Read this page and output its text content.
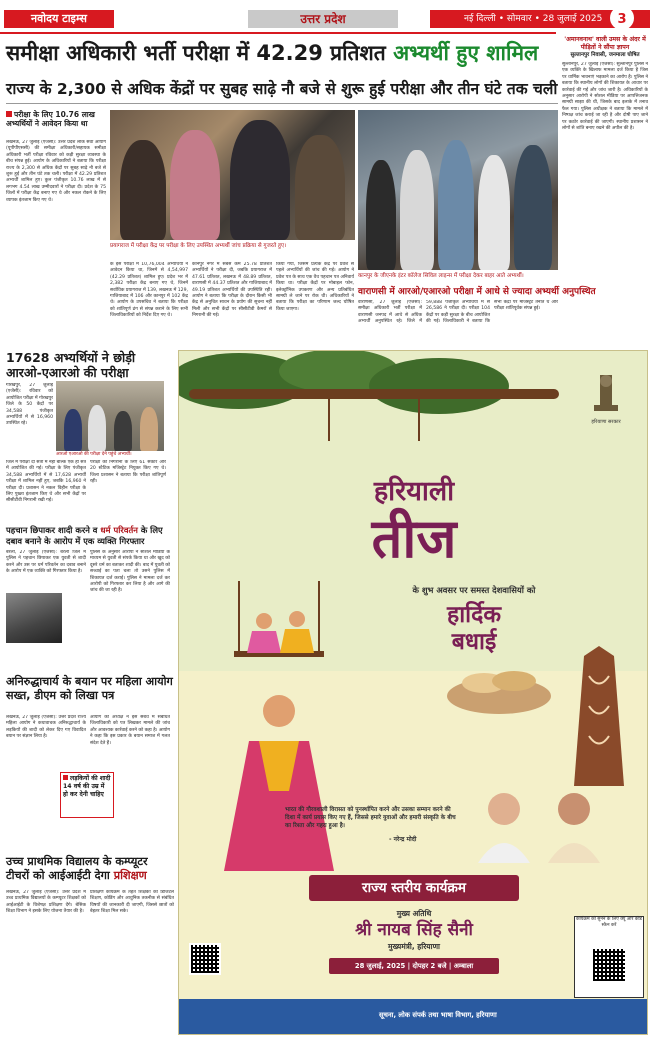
नवोदय टाइम्स	उत्तर प्रदेश	नई दिल्ली • सोमवार • 28 जुलाई 2025	3
समीक्षा अधिकारी भर्ती परीक्षा में 42.29 प्रतिशत अभ्यर्थी हुए शामिल
राज्य के 2,300 से अधिक केंद्रों पर सुबह साढ़े नौ बजे से शुरू हुई परीक्षा और तीन घंटे तक चली
परीक्षा के लिए 10.76 लाख अभ्यर्थियों ने आवेदन किया था
लखनऊ, 27 जुलाई (एजेंसी): उत्तर प्रदेश लोक सेवा आयोग (यूपीपीएससी) की समीक्षा अधिकारी/सहायक समीक्षा अधिकारी भर्ती परीक्षा रविवार को कड़ी सुरक्षा व्यवस्था के बीच संपन्न हुई। आयोग के अधिकारियों ने बताया कि परीक्षा राज्य के 2,300 से अधिक केंद्रों पर सुबह साढ़े नौ बजे से शुरू हुई और तीन घंटे तक चली। परीक्षा में 42.29 प्रतिशत अभ्यर्थी शामिल हुए। कुल पंजीकृत 10.76 लाख में से लगभग 4.54 लाख उम्मीदवारों ने परीक्षा दी। प्रदेश के 75 जिलों में परीक्षा केंद्र बनाए गए थे और नकल रोकने के लिए व्यापक इंतजाम किए गए थे।
प्रयागराज में परीक्षा केंद्र पर परीक्षा के लिए उपस्थित अभ्यर्थी जांच प्रक्रिया से गुजरते हुए।
कानपुर के जीएनके इंटर कॉलेज सिविल लाइन्स में परीक्षा देकर बाहर आते अभ्यर्थी।
के इस परीक्षा में 10,76,004 अभ्यर्थियों ने आवेदन किया था, जिनमें से 4,54,997 (42.29 प्रतिशत) शामिल हुए। प्रदेश भर में 2,382 परीक्षा केंद्र बनाए गए थे, जिनमें सर्वाधिक प्रयागराज में 139, लखनऊ में 129, गाजियाबाद में 106 और कानपुर में 102 केंद्र थे। आयोग के उपसचिव ने बताया कि परीक्षा को शांतिपूर्ण ढंग से संपन्न कराने के लिए सभी जिलाधिकारियों को निर्देश दिए गए थे।
कानपुर नगर में सबसे कम 25.78 प्रतिशत अभ्यर्थियों ने परीक्षा दी, जबकि प्रयागराज में 47.61 प्रतिशत, लखनऊ में 48.89 प्रतिशत, वाराणसी में 44.37 प्रतिशत और गाजियाबाद में 49.19 प्रतिशत अभ्यर्थियों की उपस्थिति रही। आयोग ने बताया कि परीक्षा के दौरान किसी भी केंद्र से अनुचित साधन के प्रयोग की सूचना नहीं मिली और सभी केंद्रों पर सीसीटीवी कैमरों से निगरानी की गई।
किया गया, जिसमें प्रत्येक केंद्र पर प्रवेश से पहले अभ्यर्थियों की जांच की गई। आयोग ने प्रवेश पत्र के साथ एक वैध पहचान पत्र अनिवार्य किया था। परीक्षा केंद्रों पर मोबाइल फोन, इलेक्ट्रॉनिक उपकरण और अन्य प्रतिबंधित सामग्री ले जाने पर रोक थी। अधिकारियों ने बताया कि परीक्षा का परिणाम जल्द घोषित किया जाएगा।
वाराणसी में आरओ/एआरओ परीक्षा में आधे से ज्यादा अभ्यर्थी अनुपस्थित
वाराणसी, 27 जुलाई (एजेंसी): समीक्षा अधिकारी भर्ती परीक्षा में वाराणसी जनपद में आधे से अधिक अभ्यर्थी अनुपस्थित रहे। जिले में 59,888 पंजीकृत अभ्यर्थियों में से 26,586 ने परीक्षा दी। परीक्षा 104 केंद्रों पर कड़ी सुरक्षा के बीच आयोजित की गई। जिलाधिकारी ने बताया कि सभी केंद्रों पर मजिस्ट्रेट तैनात थे और परीक्षा शांतिपूर्वक संपन्न हुई।
'अमानवनाथ' वाली उमस के अंदर में पीड़ितों ने सौंपा ज्ञापन
सुल्तानपुर निवासी, जनमाला घोषित
सुल्तानपुर, 27 जुलाई (एजेंसी): सुल्तानपुर पुलिस ने एक व्यक्ति के खिलाफ मामला दर्ज किया है जिस पर धार्मिक भावनाएं भड़काने का आरोप है। पुलिस ने बताया कि स्थानीय लोगों की शिकायत के आधार पर कार्रवाई की गई और जांच जारी है। अधिकारियों के अनुसार आरोपी ने सोशल मीडिया पर आपत्तिजनक सामग्री साझा की थी, जिसके बाद इलाके में तनाव फैल गया। पुलिस अधीक्षक ने बताया कि मामले में निष्पक्ष जांच कराई जा रही है और दोषी पाए जाने पर कठोर कार्रवाई की जाएगी। स्थानीय प्रशासन ने लोगों से शांति बनाए रखने की अपील की है।
17628 अभ्यर्थियों ने छोड़ी आरओ-एआरओ की परीक्षा
गोरखपुर, 27 जुलाई (एजेंसी): रविवार को आयोजित परीक्षा में गोरखपुर जिले के 50 केंद्रों पर 34,588 पंजीकृत अभ्यर्थियों में से 16,960 उपस्थित रहे।
आरओ एआरओ की परीक्षा देने पहुंचे अभ्यर्थी।
जिले में परीक्षा दो सत्रों में नहीं बल्कि एक ही सत्र में आयोजित की गई। परीक्षा के लिए पंजीकृत 34,588 अभ्यर्थियों में से 17,628 अभ्यर्थी परीक्षा में शामिल नहीं हुए, जबकि 16,960 ने परीक्षा दी। प्रशासन ने नकल विहीन परीक्षा के लिए पुख्ता इंतजाम किए थे और सभी केंद्रों पर सीसीटीवी निगरानी रखी गई।
परीक्षा की निगरानी के लिए 61 सेक्टर और 20 स्टैटिक मजिस्ट्रेट नियुक्त किए गए थे। जिला प्रशासन ने बताया कि परीक्षा शांतिपूर्ण रही।
पहचान छिपाकर शादी करने व धर्म परिवर्तन के लिए दबाव बनाने के आरोप में एक व्यक्ति गिरफ्तार
बरेली, 27 जुलाई (एजेंसी): बरेली जिले में पुलिस ने पहचान छिपाकर एक युवती से शादी करने और उस पर धर्म परिवर्तन का दबाव बनाने के आरोप में एक व्यक्ति को गिरफ्तार किया है।
पुलिस के अनुसार आरोपी ने सोशल मीडिया के माध्यम से युवती से संपर्क किया था और खुद को दूसरे धर्म का बताकर शादी की। बाद में युवती को सच्चाई का पता चला तो उसने पुलिस में शिकायत दर्ज कराई। पुलिस ने मामला दर्ज कर आरोपी को गिरफ्तार कर लिया है और आगे की जांच की जा रही है।
अनिरुद्धाचार्य के बयान पर महिला आयोग सख्त, डीएम को लिखा पत्र
लखनऊ, 27 जुलाई (एजेंसी): उत्तर प्रदेश राज्य महिला आयोग ने कथावाचक अनिरुद्धाचार्य के लड़कियों की शादी को लेकर दिए गए विवादित बयान पर संज्ञान लिया है।
आयोग की अध्यक्ष ने इस संबंध में संबंधित जिलाधिकारी को पत्र लिखकर मामले की जांच और आवश्यक कार्रवाई करने को कहा है। आयोग ने कहा कि इस प्रकार के बयान समाज में गलत संदेश देते हैं।
लड़कियों की शादी 14 वर्ष की उम्र में हो कर देनी चाहिए
उच्च प्राथमिक विद्यालय के कम्प्यूटर टीचरों को आईआईटी देगा प्रशिक्षण
लखनऊ, 27 जुलाई (एजेंसी): उत्तर प्रदेश में उच्च प्राथमिक विद्यालयों के कम्प्यूटर शिक्षकों को आईआईटी के विशेषज्ञ प्रशिक्षण देंगे। बेसिक शिक्षा विभाग ने इसके लिए योजना तैयार की है।
प्रशिक्षण कार्यक्रम के तहत शिक्षकों को डिजिटल शिक्षण, कोडिंग और आधुनिक तकनीक से संबंधित विषयों की जानकारी दी जाएगी, जिससे छात्रों को बेहतर शिक्षा मिल सके।
हरियाणा सरकार
हरियाली
तीज
के शुभ अवसर पर समस्त देशवासियों को
हार्दिक
बधाई
भारत की गौरवशाली विरासत को पुनर्स्थापित करने और उसका सम्मान करने की दिशा में कार्य प्रयास किए गए हैं, जिससे हमारे युवाओं और हमारी संस्कृति के बीच का रिश्ता और गहरा हुआ है।
- नरेन्द्र मोदी
राज्य स्तरीय कार्यक्रम
मुख्य अतिथि
श्री नायब सिंह सैनी
मुख्यमंत्री, हरियाणा
28 जुलाई, 2025 | दोपहर 2 बजे | अम्बाला
कार्यक्रम को सुनने के लिए क्यू आर कोड स्कैन करें
सूचना, लोक संपर्क तथा भाषा विभाग, हरियाणा
